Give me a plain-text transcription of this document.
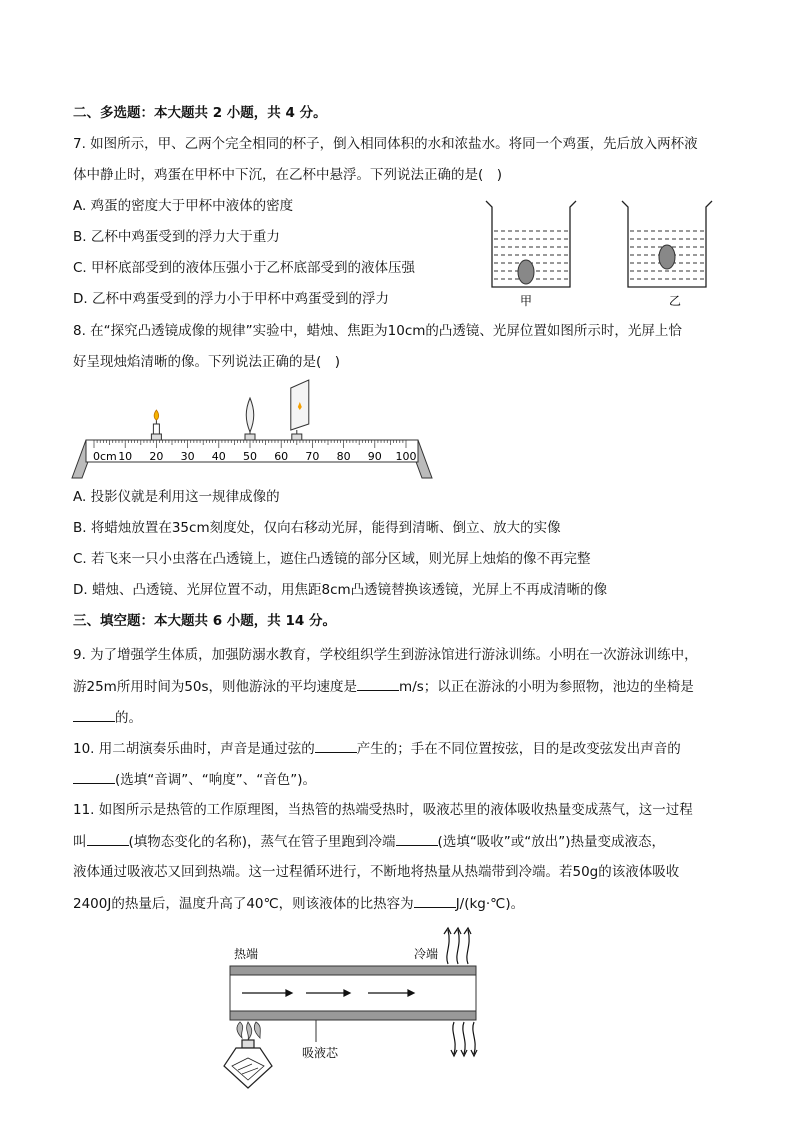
二、多选题：本大题共 2 小题，共 4 分。
7. 如图所示，甲、乙两个完全相同的杯子，倒入相同体积的水和浓盐水。将同一个鸡蛋，先后放入两杯液
体中静止时，鸡蛋在甲杯中下沉，在乙杯中悬浮。下列说法正确的是(　)
A. 鸡蛋的密度大于甲杯中液体的密度
B. 乙杯中鸡蛋受到的浮力大于重力
C. 甲杯底部受到的液体压强小于乙杯底部受到的液体压强
D. 乙杯中鸡蛋受到的浮力小于甲杯中鸡蛋受到的浮力	甲	乙
8. 在“探究凸透镜成像的规律”实验中，蜡烛、焦距为10cm的凸透镜、光屏位置如图所示时，光屏上恰
好呈现烛焰清晰的像。下列说法正确的是(　)
0cm 10 20 30 40 50 60 70 80 90 100
A. 投影仪就是利用这一规律成像的
B. 将蜡烛放置在35cm刻度处，仅向右移动光屏，能得到清晰、倒立、放大的实像
C. 若飞来一只小虫落在凸透镜上，遮住凸透镜的部分区域，则光屏上烛焰的像不再完整
D. 蜡烛、凸透镜、光屏位置不动，用焦距8cm凸透镜替换该透镜，光屏上不再成清晰的像
三、填空题：本大题共 6 小题，共 14 分。
9. 为了增强学生体质，加强防溺水教育，学校组织学生到游泳馆进行游泳训练。小明在一次游泳训练中，
游25m所用时间为50s，则他游泳的平均速度是	m/s；以正在游泳的小明为参照物，池边的坐椅是
的。
10. 用二胡演奏乐曲时，声音是通过弦的	产生的；手在不同位置按弦，目的是改变弦发出声音的
(选填“音调”、“响度”、“音色”)。
11. 如图所示是热管的工作原理图，当热管的热端受热时，吸液芯里的液体吸收热量变成蒸气，这一过程
叫	(填物态变化的名称)，蒸气在管子里跑到冷端	(选填“吸收”或“放出”)热量变成液态，
液体通过吸液芯又回到热端。这一过程循环进行，不断地将热量从热端带到冷端。若50g的该液体吸收
2400J的热量后，温度升高了40℃，则该液体的比热容为	J/(kg·℃)。
热端	冷端
吸液芯
